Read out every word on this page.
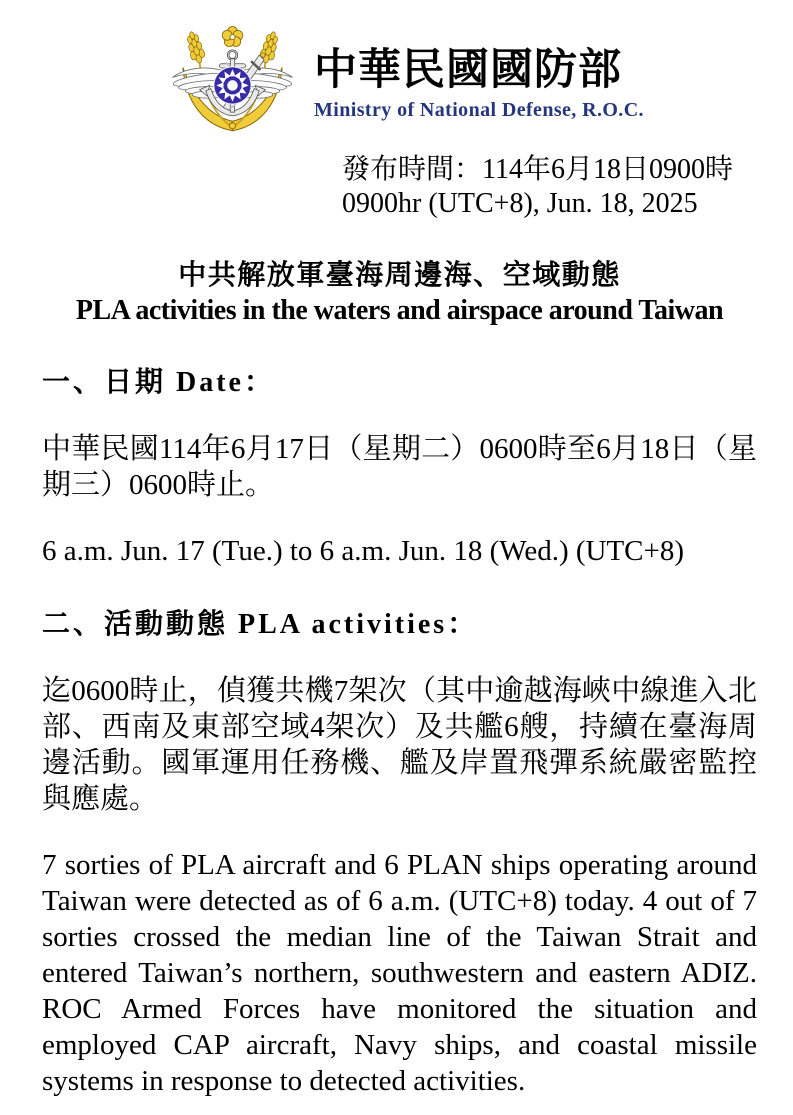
中華民國國防部
Ministry of National Defense, R.O.C.
發布時間：114年6月18日0900時
0900hr (UTC+8), Jun. 18, 2025
中共解放軍臺海周邊海、空域動態
PLA activities in the waters and airspace around Taiwan
一、日期 Date：

中華民國114年6月17日（星期二）0600時至6月18日（星期三）0600時止。

6 a.m. Jun. 17 (Tue.) to 6 a.m. Jun. 18 (Wed.) (UTC+8)

二、活動動態 PLA activities：

迄0600時止，偵獲共機7架次（其中逾越海峽中線進入北部、西南及東部空域4架次）及共艦6艘，持續在臺海周邊活動。國軍運用任務機、艦及岸置飛彈系統嚴密監控與應處。

7 sorties of PLA aircraft and 6 PLAN ships operating around Taiwan were detected as of 6 a.m. (UTC+8) today. 4 out of 7 sorties crossed the median line of the Taiwan Strait and entered Taiwan’s northern, southwestern and eastern ADIZ. ROC Armed Forces have monitored the situation and employed CAP aircraft, Navy ships, and coastal missile systems in response to detected activities.
